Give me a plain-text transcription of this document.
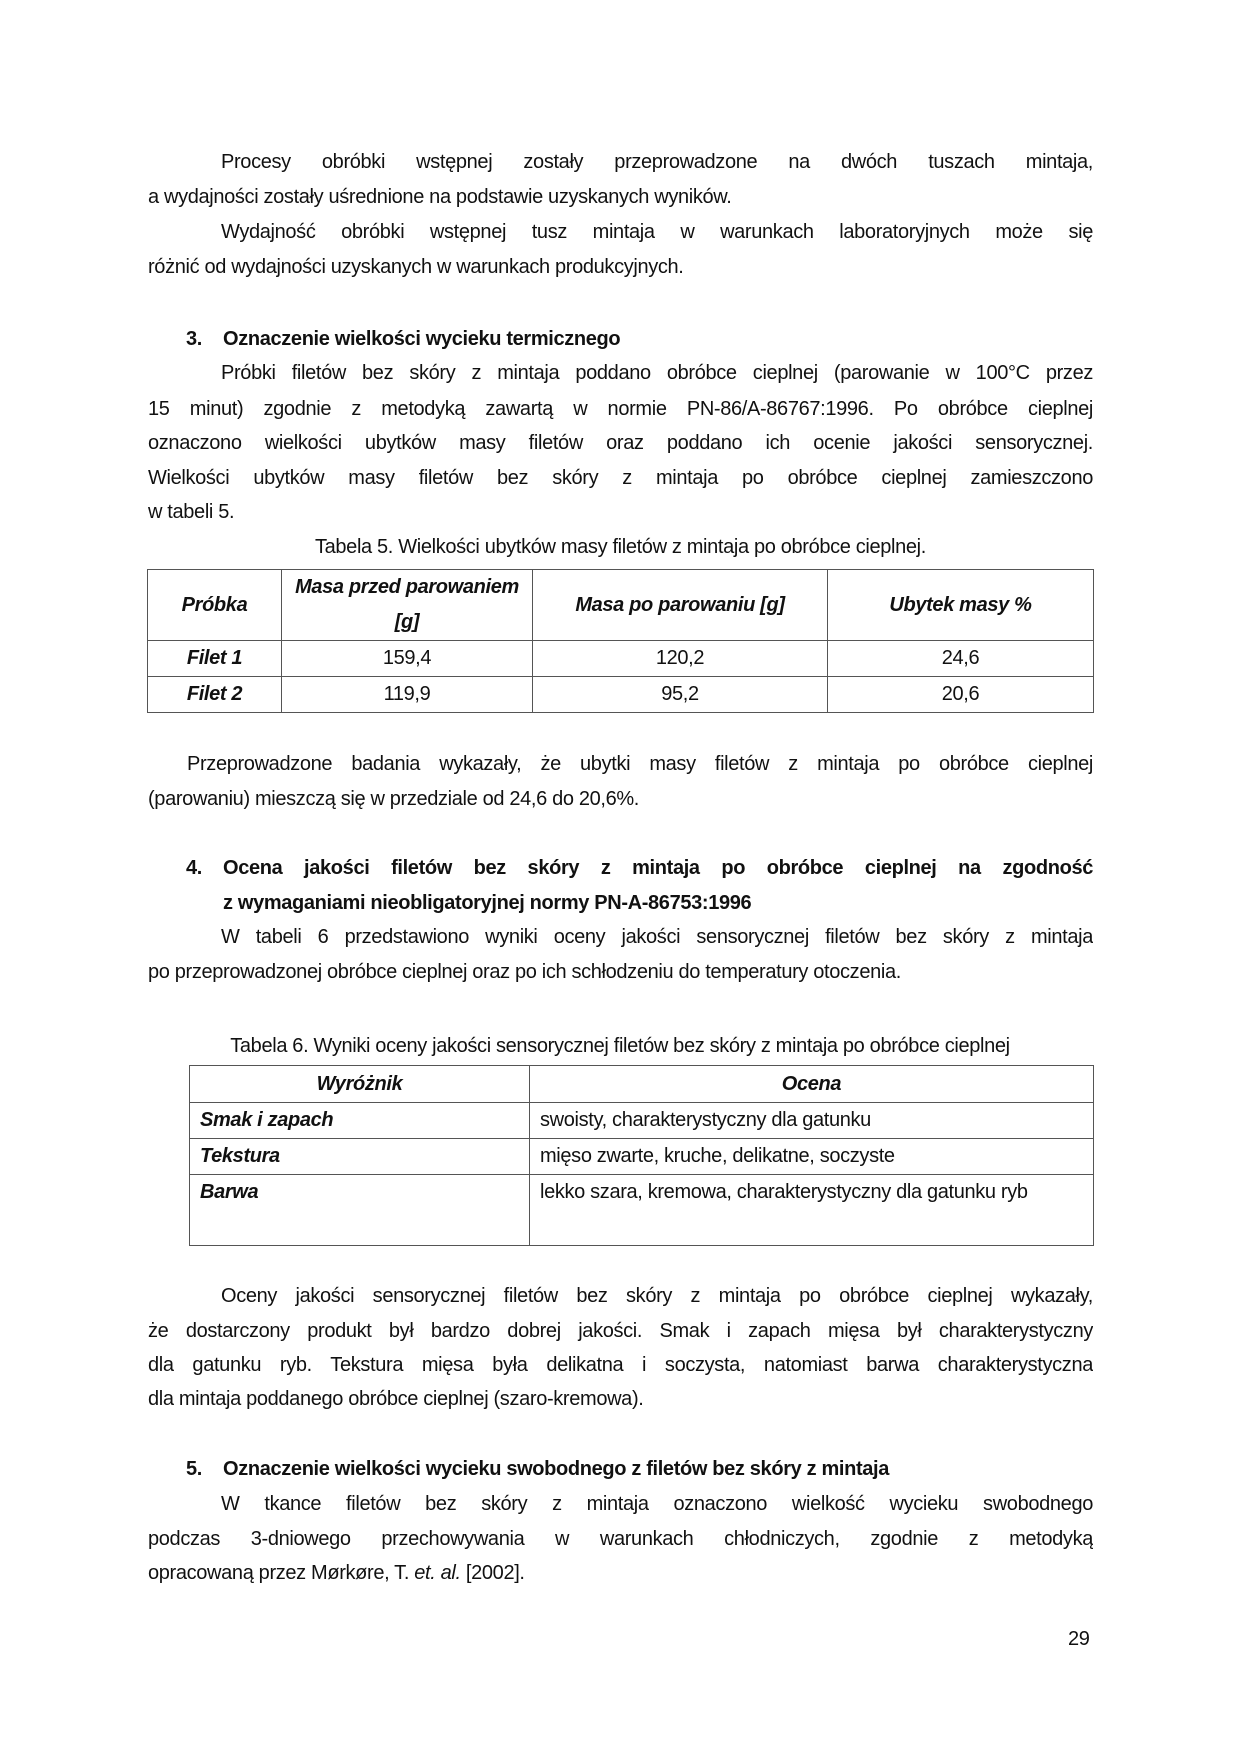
Procesy obróbki wstępnej zostały przeprowadzone na dwóch tuszach mintaja,
a wydajności zostały uśrednione na podstawie uzyskanych wyników.
Wydajność obróbki wstępnej tusz mintaja w warunkach laboratoryjnych może się
różnić od wydajności uzyskanych w warunkach produkcyjnych.
3. Oznaczenie wielkości wycieku termicznego
Próbki filetów bez skóry z mintaja poddano obróbce cieplnej (parowanie w 100°C przez
15 minut) zgodnie z metodyką zawartą w normie PN-86/A-86767:1996. Po obróbce cieplnej
oznaczono wielkości ubytków masy filetów oraz poddano ich ocenie jakości sensorycznej.
Wielkości ubytków masy filetów bez skóry z mintaja po obróbce cieplnej zamieszczono
w tabeli 5.
Tabela 5. Wielkości ubytków masy filetów z mintaja po obróbce cieplnej.
Próbka	Masa przed parowaniem [g]	Masa po parowaniu [g]	Ubytek masy %
Filet 1	159,4	120,2	24,6
Filet 2	119,9	95,2	20,6
Przeprowadzone badania wykazały, że ubytki masy filetów z mintaja po obróbce cieplnej
(parowaniu) mieszczą się w przedziale od 24,6 do 20,6%.
4. Ocena jakości filetów bez skóry z mintaja po obróbce cieplnej na zgodność
z wymaganiami nieobligatoryjnej normy PN-A-86753:1996
W tabeli 6 przedstawiono wyniki oceny jakości sensorycznej filetów bez skóry z mintaja
po przeprowadzonej obróbce cieplnej oraz po ich schłodzeniu do temperatury otoczenia.
Tabela 6. Wyniki oceny jakości sensorycznej filetów bez skóry z mintaja po obróbce cieplnej
Wyróżnik	Ocena
Smak i zapach	swoisty, charakterystyczny dla gatunku
Tekstura	mięso zwarte, kruche, delikatne, soczyste
Barwa	lekko szara, kremowa, charakterystyczny dla gatunku ryb
Oceny jakości sensorycznej filetów bez skóry z mintaja po obróbce cieplnej wykazały,
że dostarczony produkt był bardzo dobrej jakości. Smak i zapach mięsa był charakterystyczny
dla gatunku ryb. Tekstura mięsa była delikatna i soczysta, natomiast barwa charakterystyczna
dla mintaja poddanego obróbce cieplnej (szaro-kremowa).
5. Oznaczenie wielkości wycieku swobodnego z filetów bez skóry z mintaja
W tkance filetów bez skóry z mintaja oznaczono wielkość wycieku swobodnego
podczas 3-dniowego przechowywania w warunkach chłodniczych, zgodnie z metodyką
opracowaną przez Mørkøre, T. et. al. [2002].
29
